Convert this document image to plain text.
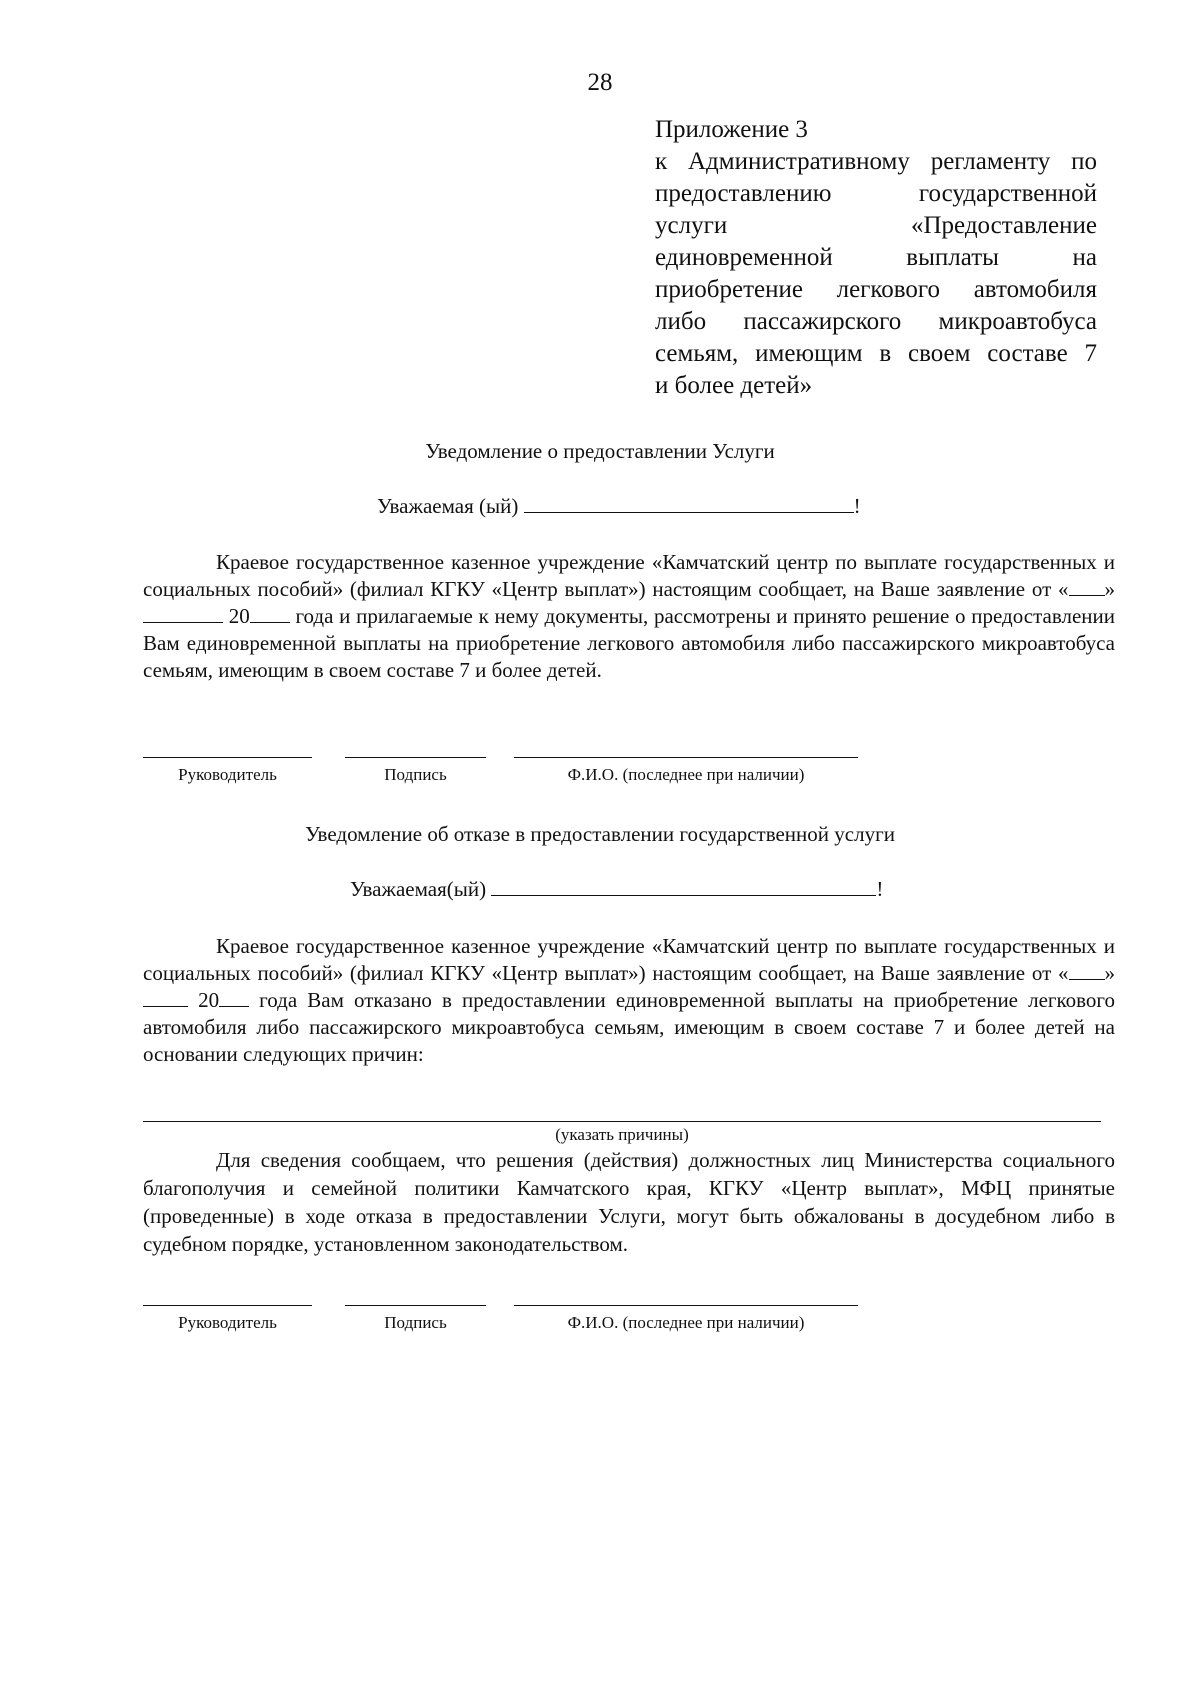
28
Приложение 3
к Административному регламенту по
предоставлению государственной
услуги «Предоставление
единовременной выплаты на
приобретение легкового автомобиля
либо пассажирского микроавтобуса
семьям, имеющим в своем составе 7
и более детей»
Уведомление о предоставлении Услуги
Уважаемая (ый)	!

Краевое государственное казенное учреждение «Камчатский центр по выплате государственных и социальных пособий» (филиал КГКУ «Центр выплат») настоящим сообщает, на Ваше заявление от « » 20 года и прилагаемые к нему документы, рассмотрены и принято решение о предоставлении Вам единовременной выплаты на приобретение легкового автомобиля либо пассажирского микроавтобуса семьям, имеющим в своем составе 7 и более детей.

Руководитель	Подпись	Ф.И.О. (последнее при наличии)
Уведомление об отказе в предоставлении государственной услуги
Уважаемая(ый)	!

Краевое государственное казенное учреждение «Камчатский центр по выплате государственных и социальных пособий» (филиал КГКУ «Центр выплат») настоящим сообщает, на Ваше заявление от « » 20 года Вам отказано в предоставлении единовременной выплаты на приобретение легкового автомобиля либо пассажирского микроавтобуса семьям, имеющим в своем составе 7 и более детей на основании следующих причин:

(указать причины)

Для сведения сообщаем, что решения (действия) должностных лиц Министерства социального благополучия и семейной политики Камчатского края, КГКУ «Центр выплат», МФЦ принятые (проведенные) в ходе отказа в предоставлении Услуги, могут быть обжалованы в досудебном либо в судебном порядке, установленном законодательством.

Руководитель	Подпись	Ф.И.О. (последнее при наличии)
